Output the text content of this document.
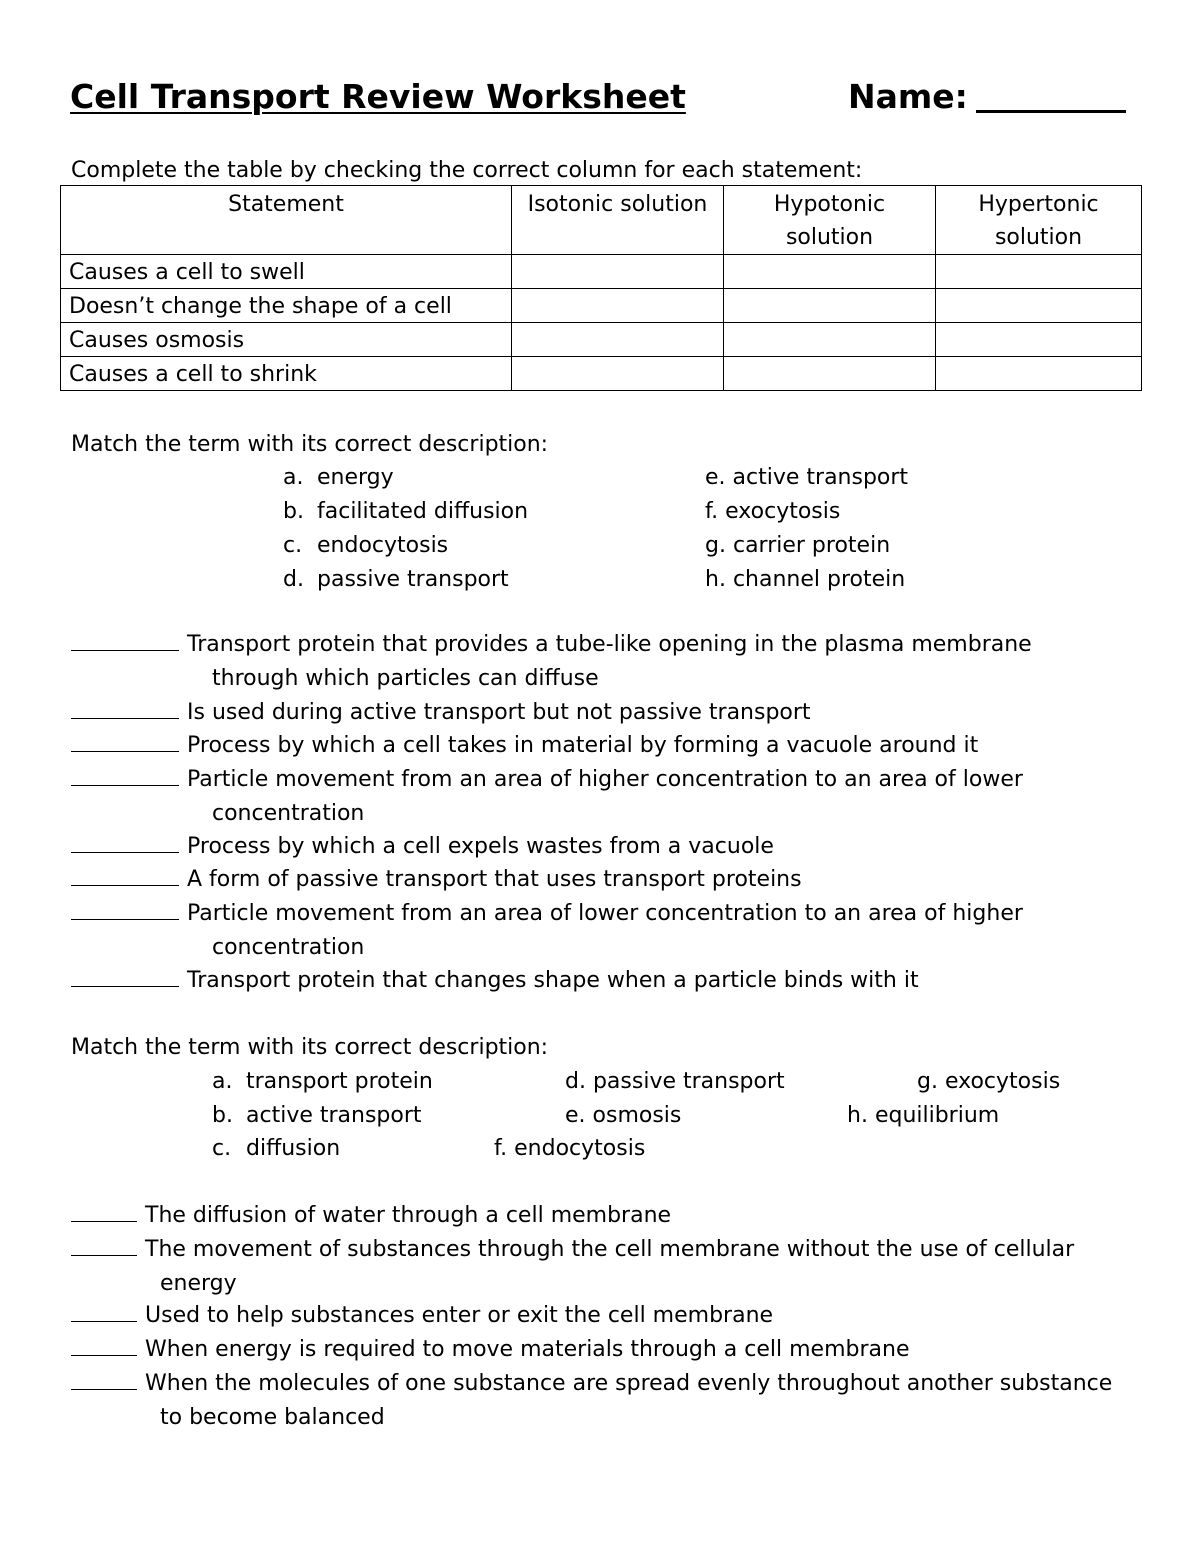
Cell Transport Review Worksheet	Name:
Complete the table by checking the correct column for each statement:
Statement	Isotonic solution	Hypotonic solution	Hypertonic solution
Causes a cell to swell			
Doesn’t change the shape of a cell			
Causes osmosis			
Causes a cell to shrink			
Match the term with its correct description:
a. energy
b. facilitated diffusion
c. endocytosis
d. passive transport
e. active transport
f. exocytosis
g. carrier protein
h. channel protein
Transport protein that provides a tube-like opening in the plasma membrane
through which particles can diffuse
Is used during active transport but not passive transport
Process by which a cell takes in material by forming a vacuole around it
Particle movement from an area of higher concentration to an area of lower
concentration
Process by which a cell expels wastes from a vacuole
A form of passive transport that uses transport proteins
Particle movement from an area of lower concentration to an area of higher
concentration
Transport protein that changes shape when a particle binds with it
Match the term with its correct description:
a. transport protein
b. active transport
c. diffusion
d. passive transport
e. osmosis
f. endocytosis
g. exocytosis
h. equilibrium
The diffusion of water through a cell membrane
The movement of substances through the cell membrane without the use of cellular
energy
Used to help substances enter or exit the cell membrane
When energy is required to move materials through a cell membrane
When the molecules of one substance are spread evenly throughout another substance
to become balanced
